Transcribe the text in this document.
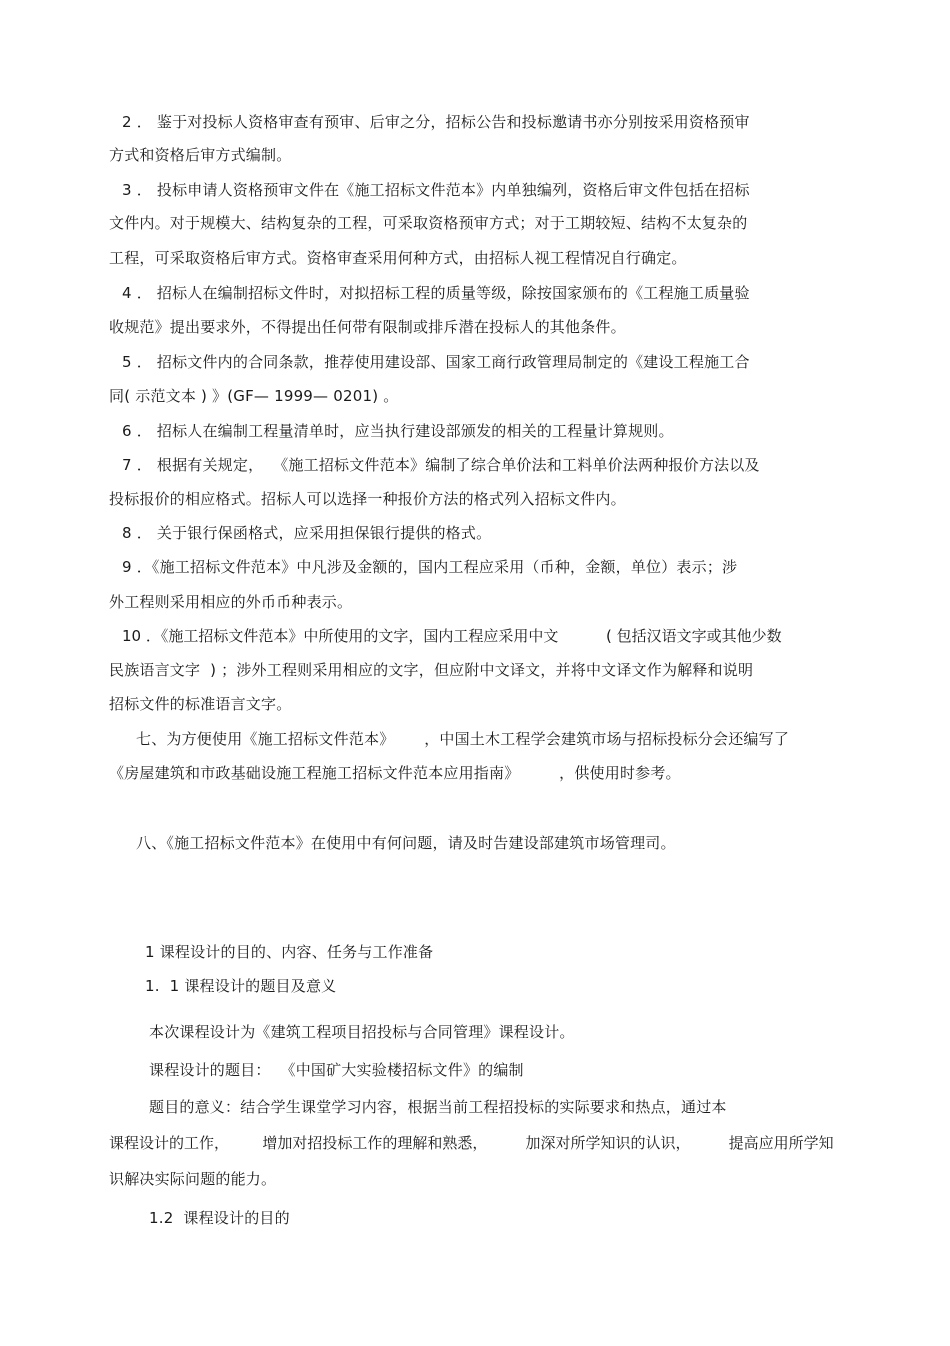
2 ． 鉴于对投标人资格审查有预审、后审之分，招标公告和投标邀请书亦分别按采用资格预审
方式和资格后审方式编制。
3 ． 投标申请人资格预审文件在《施工招标文件范本》内单独编列，资格后审文件包括在招标
文件内。对于规模大、结构复杂的工程，可采取资格预审方式；对于工期较短、结构不太复杂的
工程，可采取资格后审方式。资格审查采用何种方式，由招标人视工程情况自行确定。
4 ． 招标人在编制招标文件时，对拟招标工程的质量等级，除按国家颁布的《工程施工质量验
收规范》提出要求外，不得提出任何带有限制或排斥潜在投标人的其他条件。
5 ． 招标文件内的合同条款，推荐使用建设部、国家工商行政管理局制定的《建设工程施工合
同( 示范文本 ) 》(GF— 1999— 0201) 。
6 ． 招标人在编制工程量清单时，应当执行建设部颁发的相关的工程量计算规则。
7 ． 根据有关规定，  《施工招标文件范本》编制了综合单价法和工料单价法两种报价方法以及
投标报价的相应格式。招标人可以选择一种报价方法的格式列入招标文件内。
8 ． 关于银行保函格式，应采用担保银行提供的格式。
9 ．《施工招标文件范本》中凡涉及金额的，国内工程应采用（币种，金额，单位）表示；涉
外工程则采用相应的外币币种表示。
10 ．《施工招标文件范本》中所使用的文字，国内工程应采用中文          ( 包括汉语文字或其他少数
民族语言文字  ) ；涉外工程则采用相应的文字，但应附中文译文，并将中文译文作为解释和说明
招标文件的标准语言文字。
七、为方便使用《施工招标文件范本》      ，中国土木工程学会建筑市场与招标投标分会还编写了
《房屋建筑和市政基础设施工程施工招标文件范本应用指南》        ，供使用时参考。
八、《施工招标文件范本》在使用中有何问题，请及时告建设部建筑市场管理司。
1 课程设计的目的、内容、任务与工作准备
1.  1 课程设计的题目及意义
本次课程设计为《建筑工程项目招投标与合同管理》课程设计。
课程设计的题目：  《中国矿大实验楼招标文件》的编制
题目的意义：结合学生课堂学习内容，根据当前工程招投标的实际要求和热点，通过本
课程设计的工作，       增加对招投标工作的理解和熟悉，        加深对所学知识的认识，        提高应用所学知
识解决实际问题的能力。
1.2  课程设计的目的
